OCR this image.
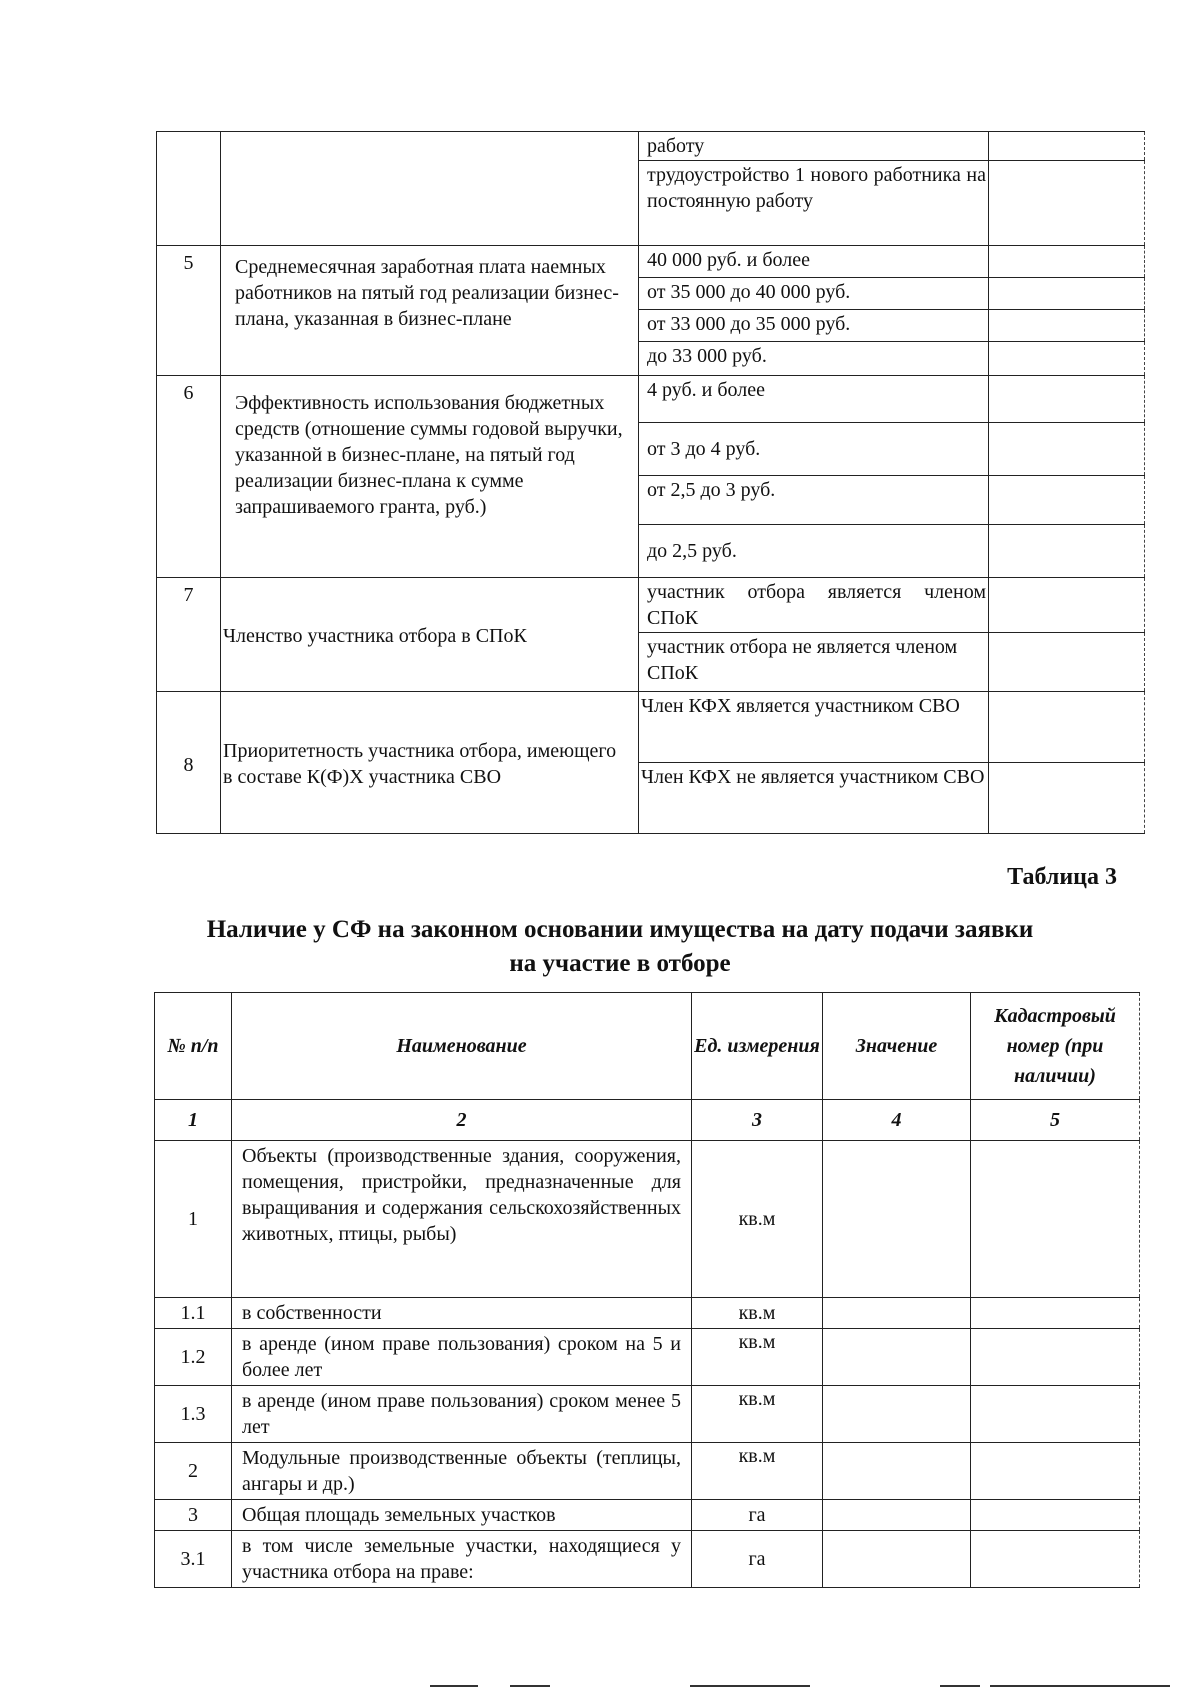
		работу	
		трудоустройство 1 нового работника на постоянную работу	
5	Среднемесячная заработная плата наемных работников на пятый год реализации бизнес-плана, указанная в бизнес-плане	40 000 руб. и более	
		от 35 000 до 40 000 руб.	
		от 33 000 до 35 000 руб.	
		до 33 000 руб.	
6	Эффективность использования бюджетных средств (отношение суммы годовой выручки, указанной в бизнес-плане, на пятый год реализации бизнес-плана к сумме запрашиваемого гранта, руб.)	4 руб. и более	
		от 3 до 4 руб.	
		от 2,5 до 3 руб.	
		до 2,5 руб.	
7	Членство участника отбора в СПоК	участник отбора является членом СПоК	
		участник отбора не является членом СПоК	
8	Приоритетность участника отбора, имеющего в составе К(Ф)Х участника СВО	Член КФХ является участником СВО	
		Член КФХ не является участником СВО	
Таблица 3
Наличие у СФ на законном основании имущества на дату подачи заявки на участие в отборе
№ п/п	Наименование	Ед. измерения	Значение	Кадастровый номер (при наличии)
1	2	3	4	5
1	Объекты (производственные здания, сооружения, помещения, пристройки, предназначенные для выращивания и содержания сельскохозяйственных животных, птицы, рыбы)	кв.м		
1.1	в собственности	кв.м		
1.2	в аренде (ином праве пользования) сроком на 5 и более лет	кв.м		
1.3	в аренде (ином праве пользования) сроком менее 5 лет	кв.м		
2	Модульные производственные объекты (теплицы, ангары и др.)	кв.м		
3	Общая площадь земельных участков	га		
3.1	в том числе земельные участки, находящиеся у участника отбора на праве:	га		
